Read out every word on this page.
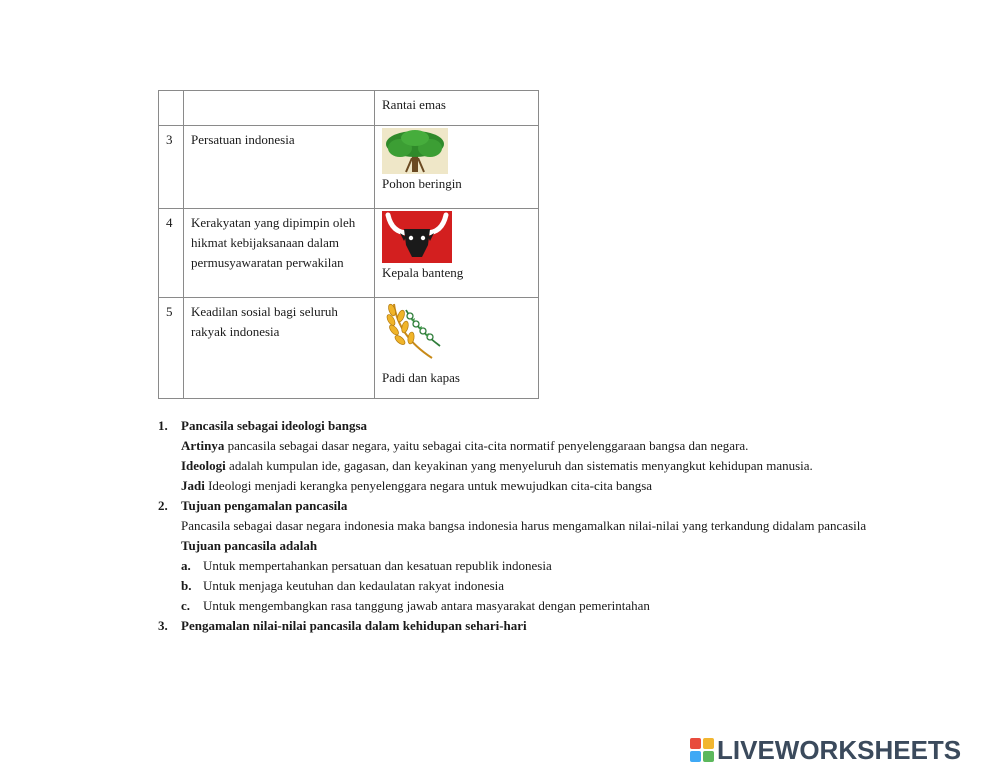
		Rantai emas

3	Persatuan indonesia	Pohon beringin

4	Kerakyatan yang dipimpin oleh hikmat kebijaksanaan dalam permusyawaratan perwakilan	Kepala banteng

5	Keadilan sosial bagi seluruh rakyak indonesia	Padi dan kapas
1. Pancasila sebagai ideologi bangsa
Artinya pancasila sebagai dasar negara, yaitu sebagai cita-cita normatif penyelenggaraan bangsa dan negara.
Ideologi adalah kumpulan ide, gagasan, dan keyakinan yang menyeluruh dan sistematis menyangkut kehidupan manusia.
Jadi Ideologi menjadi kerangka penyelenggara negara untuk mewujudkan cita-cita bangsa
2. Tujuan pengamalan pancasila
Pancasila sebagai dasar negara indonesia maka bangsa indonesia harus mengamalkan nilai-nilai yang terkandung didalam pancasila
Tujuan pancasila adalah
a. Untuk mempertahankan persatuan dan kesatuan republik indonesia
b. Untuk menjaga keutuhan dan kedaulatan rakyat indonesia
c. Untuk mengembangkan rasa tanggung jawab antara masyarakat dengan pemerintahan
3. Pengamalan nilai-nilai pancasila dalam kehidupan sehari-hari
LIVEWORKSHEETS
